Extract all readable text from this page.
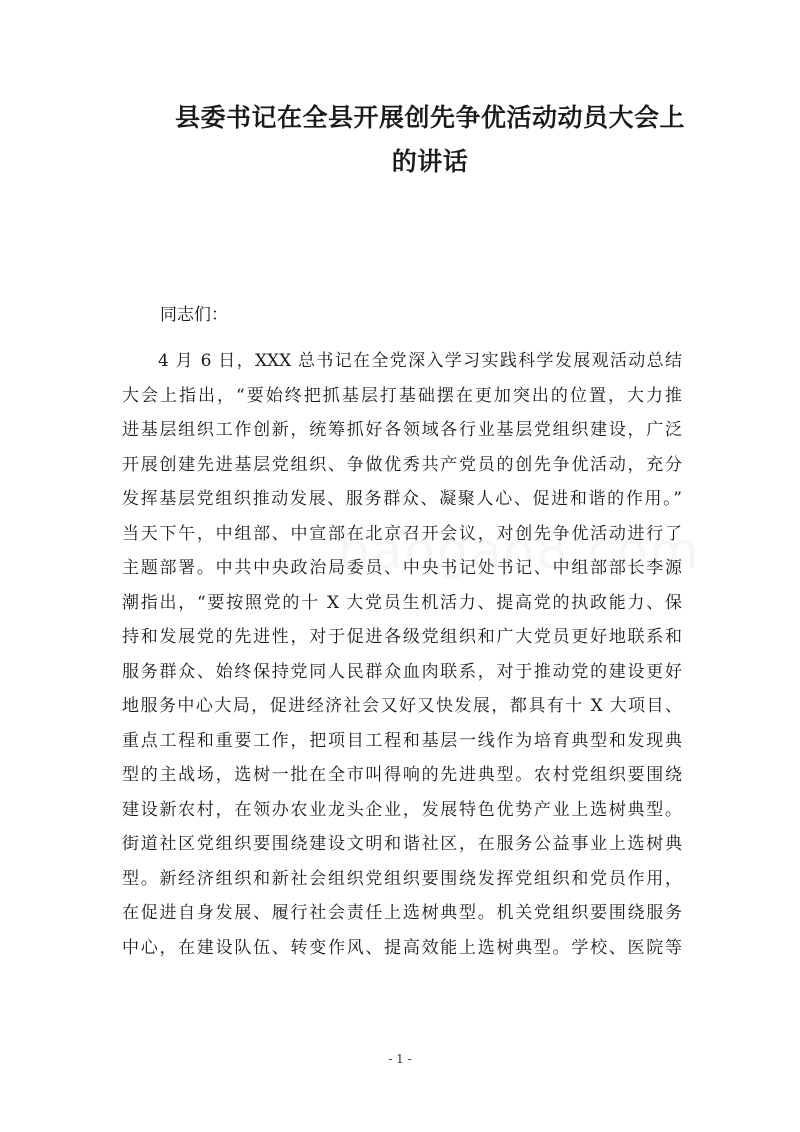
县委书记在全县开展创先争优活动动员大会上
的讲话
同志们：
4 月 6 日，XXX 总书记在全党深入学习实践科学发展观活动总结
大会上指出，“要始终把抓基层打基础摆在更加突出的位置，大力推
进基层组织工作创新，统筹抓好各领域各行业基层党组织建设，广泛
开展创建先进基层党组织、争做优秀共产党员的创先争优活动，充分
发挥基层党组织推动发展、服务群众、凝聚人心、促进和谐的作用。”
当天下午，中组部、中宣部在北京召开会议，对创先争优活动进行了
主题部署。中共中央政治局委员、中央书记处书记、中组部部长李源
潮指出，“要按照党的十 X 大党员生机活力、提高党的执政能力、保
持和发展党的先进性，对于促进各级党组织和广大党员更好地联系和
服务群众、始终保持党同人民群众血肉联系，对于推动党的建设更好
地服务中心大局，促进经济社会又好又快发展，都具有十 X 大项目、
重点工程和重要工作，把项目工程和基层一线作为培育典型和发现典
型的主战场，选树一批在全市叫得响的先进典型。农村党组织要围绕
建设新农村，在领办农业龙头企业，发展特色优势产业上选树典型。
街道社区党组织要围绕建设文明和谐社区，在服务公益事业上选树典
型。新经济组织和新社会组织党组织要围绕发挥党组织和党员作用，
在促进自身发展、履行社会责任上选树典型。机关党组织要围绕服务
中心，在建设队伍、转变作风、提高效能上选树典型。学校、医院等
- 1 -
